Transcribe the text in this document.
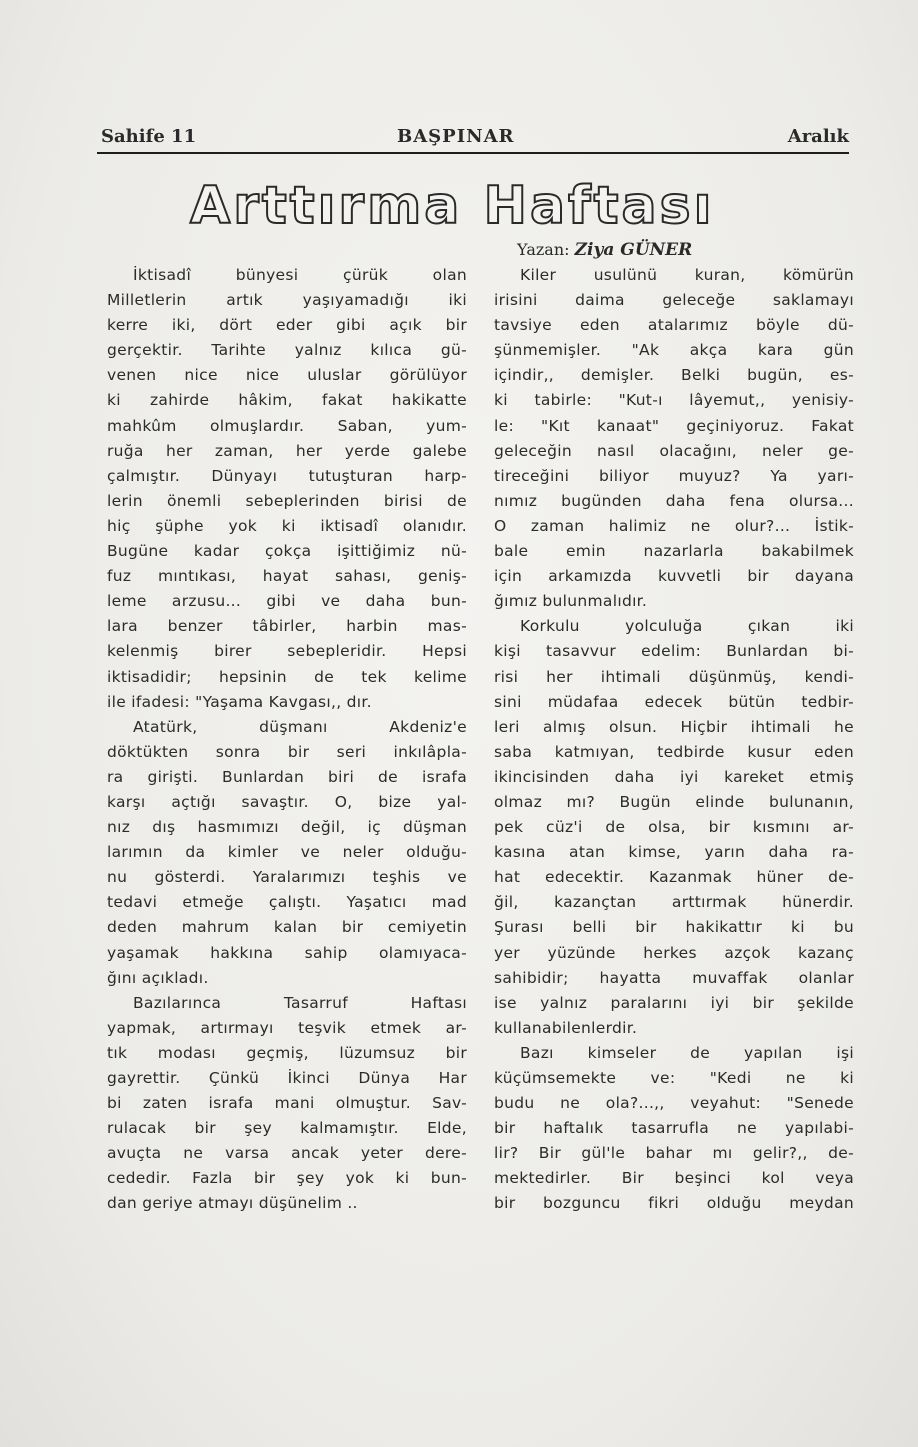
Sahife 11	BAŞPINAR	Aralık
Arttırma Haftası
Yazan: Ziya GÜNER
İktisadî bünyesi çürük olan
Milletlerin artık yaşıyamadığı iki
kerre iki, dört eder gibi açık bir
gerçektir. Tarihte yalnız kılıca gü-
venen nice nice uluslar görülüyor
ki zahirde hâkim, fakat hakikatte
mahkûm olmuşlardır. Saban, yum-
ruğa her zaman, her yerde galebe
çalmıştır. Dünyayı tutuşturan harp-
lerin önemli sebeplerinden birisi de
hiç şüphe yok ki iktisadî olanıdır.
Bugüne kadar çokça işittiğimiz nü-
fuz mıntıkası, hayat sahası, geniş-
leme arzusu... gibi ve daha bun-
lara benzer tâbirler, harbin mas-
kelenmiş birer sebepleridir. Hepsi
iktisadidir; hepsinin de tek kelime
ile ifadesi: "Yaşama Kavgası,, dır.
Atatürk, düşmanı Akdeniz'e
döktükten sonra bir seri inkılâpla-
ra girişti. Bunlardan biri de israfa
karşı açtığı savaştır. O, bize yal-
nız dış hasmımızı değil, iç düşman
larımın da kimler ve neler olduğu-
nu gösterdi. Yaralarımızı teşhis ve
tedavi etmeğe çalıştı. Yaşatıcı mad
deden mahrum kalan bir cemiyetin
yaşamak hakkına sahip olamıyaca-
ğını açıkladı.
Bazılarınca Tasarruf Haftası
yapmak, artırmayı teşvik etmek ar-
tık modası geçmiş, lüzumsuz bir
gayrettir. Çünkü İkinci Dünya Har
bi zaten israfa mani olmuştur. Sav-
rulacak bir şey kalmamıştır. Elde,
avuçta ne varsa ancak yeter dere-
cededir. Fazla bir şey yok ki bun-
dan geriye atmayı düşünelim ..
Kiler usulünü kuran, kömürün
irisini daima geleceğe saklamayı
tavsiye eden atalarımız böyle dü-
şünmemişler. "Ak akça kara gün
içindir,, demişler. Belki bugün, es-
ki tabirle: "Kut-ı lâyemut,, yenisiy-
le: "Kıt kanaat" geçiniyoruz. Fakat
geleceğin nasıl olacağını, neler ge-
tireceğini biliyor muyuz? Ya yarı-
nımız bugünden daha fena olursa...
O zaman halimiz ne olur?... İstik-
bale emin nazarlarla bakabilmek
için arkamızda kuvvetli bir dayana
ğımız bulunmalıdır.
Korkulu yolculuğa çıkan iki
kişi tasavvur edelim: Bunlardan bi-
risi her ihtimali düşünmüş, kendi-
sini müdafaa edecek bütün tedbir-
leri almış olsun. Hiçbir ihtimali he
saba katmıyan, tedbirde kusur eden
ikincisinden daha iyi kareket etmiş
olmaz mı? Bugün elinde bulunanın,
pek cüz'i de olsa, bir kısmını ar-
kasına atan kimse, yarın daha ra-
hat edecektir. Kazanmak hüner de-
ğil, kazançtan arttırmak hünerdir.
Şurası belli bir hakikattır ki bu
yer yüzünde herkes azçok kazanç
sahibidir; hayatta muvaffak olanlar
ise yalnız paralarını iyi bir şekilde
kullanabilenlerdir.
Bazı kimseler de yapılan işi
küçümsemekte ve: "Kedi ne ki
budu ne ola?...,, veyahut: "Senede
bir haftalık tasarrufla ne yapılabi-
lir? Bir gül'le bahar mı gelir?,, de-
mektedirler. Bir beşinci kol veya
bir bozguncu fikri olduğu meydan
